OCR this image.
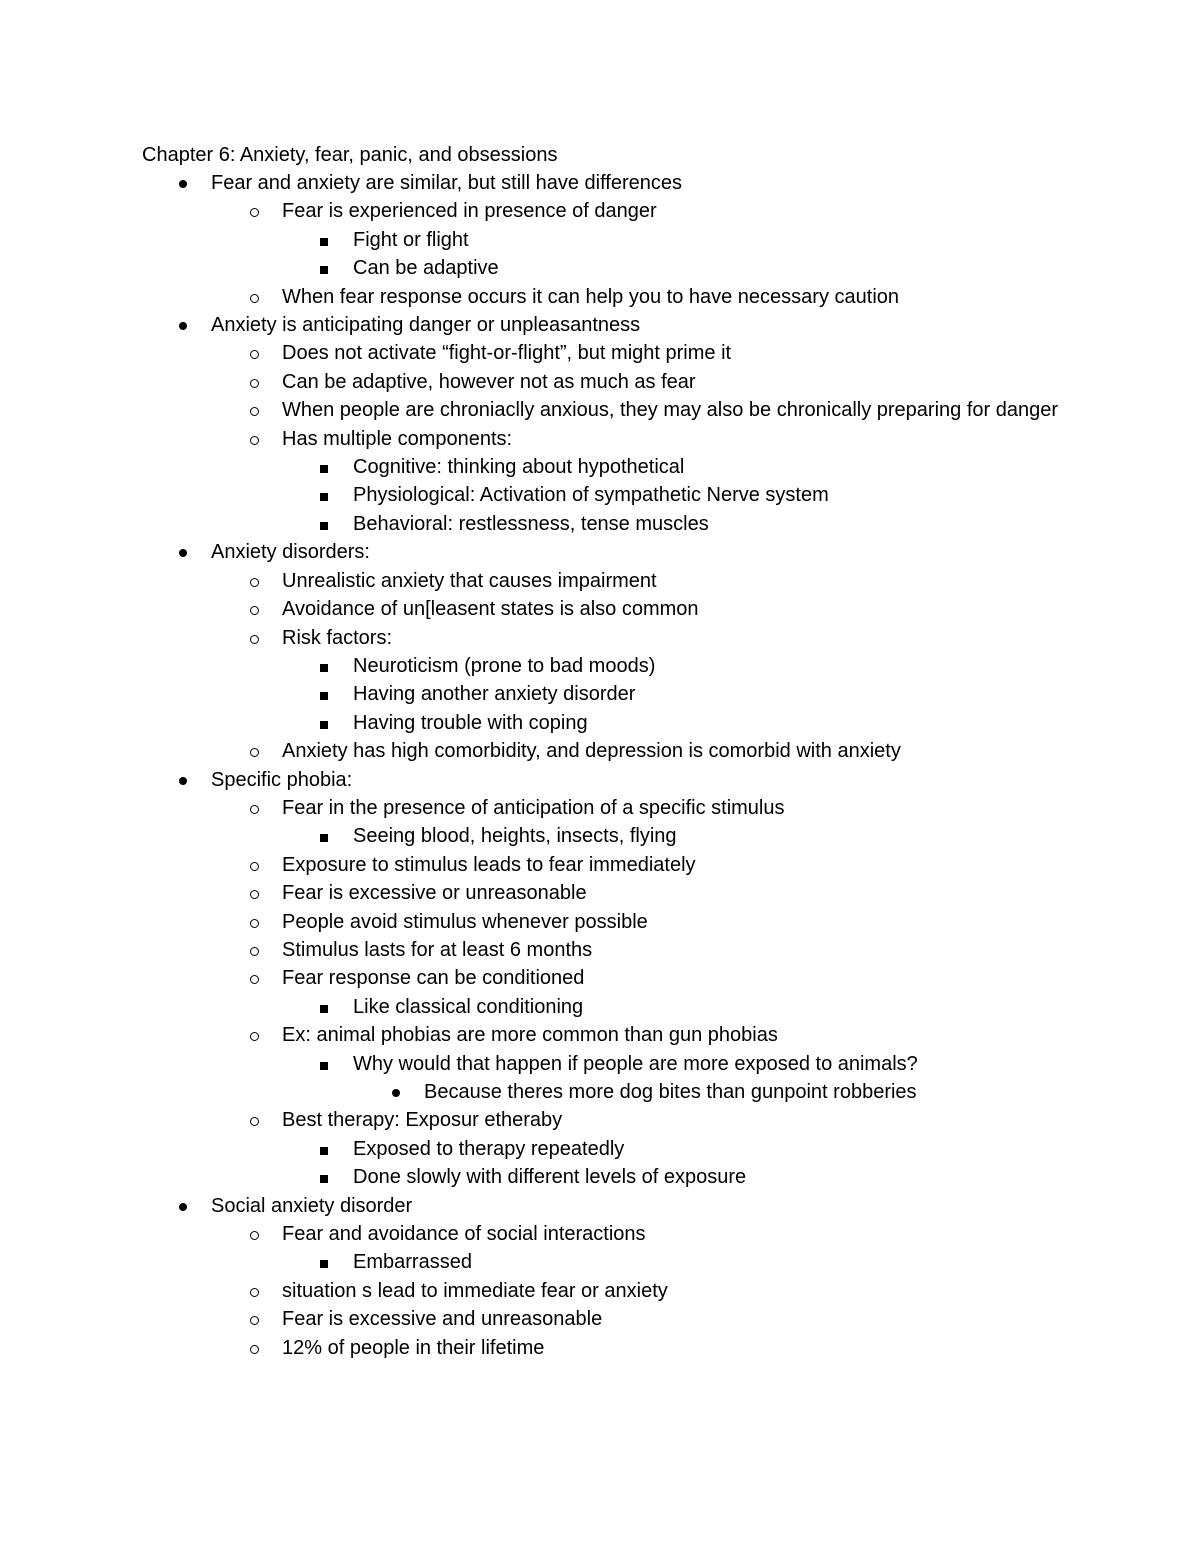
Chapter 6: Anxiety, fear, panic, and obsessions
Fear and anxiety are similar, but still have differences
Fear is experienced in presence of danger
Fight or flight
Can be adaptive
When fear response occurs it can help you to have necessary caution
Anxiety is anticipating danger or unpleasantness
Does not activate “fight-or-flight”, but might prime it
Can be adaptive, however not as much as fear
When people are chroniaclly anxious, they may also be chronically preparing for danger
Has multiple components:
Cognitive: thinking about hypothetical
Physiological: Activation of sympathetic Nerve system
Behavioral: restlessness, tense muscles
Anxiety disorders:
Unrealistic anxiety that causes impairment
Avoidance of un[leasent states is also common
Risk factors:
Neuroticism (prone to bad moods)
Having another anxiety disorder
Having trouble with coping
Anxiety has high comorbidity, and depression is comorbid with anxiety
Specific phobia:
Fear in the presence of anticipation of a specific stimulus
Seeing blood, heights, insects, flying
Exposure to stimulus leads to fear immediately
Fear is excessive or unreasonable
People avoid stimulus whenever possible
Stimulus lasts for at least 6 months
Fear response can be conditioned
Like classical conditioning
Ex: animal phobias are more common than gun phobias
Why would that happen if people are more exposed to animals?
Because theres more dog bites than gunpoint robberies
Best therapy: Exposur etheraby
Exposed to therapy repeatedly
Done slowly with different levels of exposure
Social anxiety disorder
Fear and avoidance of social interactions
Embarrassed
situation s lead to immediate fear or anxiety
Fear is excessive and unreasonable
12% of people in their lifetime
